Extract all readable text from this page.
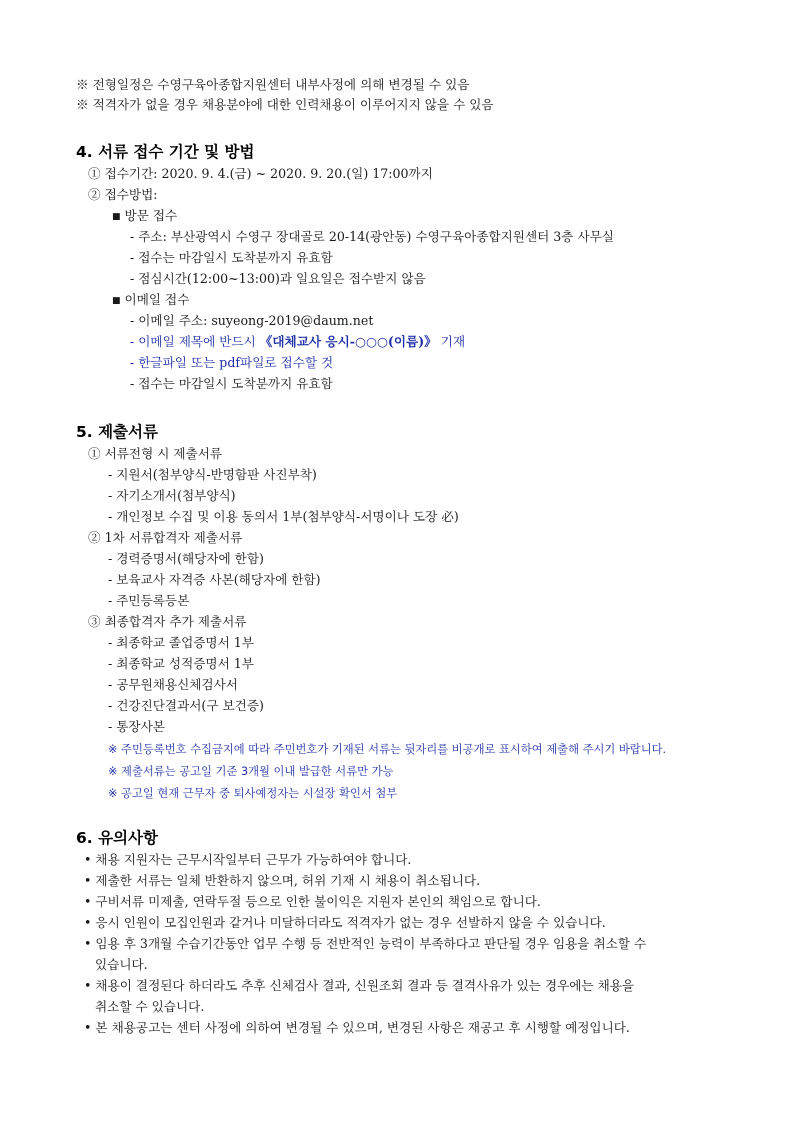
※ 전형일정은 수영구육아종합지원센터 내부사정에 의해 변경될 수 있음
※ 적격자가 없을 경우 채용분야에 대한 인력채용이 이루어지지 않을 수 있음
4. 서류 접수 기간 및 방법
① 접수기간: 2020. 9. 4.(금) ~ 2020. 9. 20.(일) 17:00까지
② 접수방법:
■ 방문 접수
- 주소: 부산광역시 수영구 장대골로 20-14(광안동) 수영구육아종합지원센터 3층 사무실
- 접수는 마감일시 도착분까지 유효함
- 점심시간(12:00~13:00)과 일요일은 접수받지 않음
■ 이메일 접수
- 이메일 주소: suyeong-2019@daum.net
- 이메일 제목에 반드시 《대체교사 응시-○○○(이름)》 기재
- 한글파일 또는 pdf파일로 접수할 것
- 접수는 마감일시 도착분까지 유효함
5. 제출서류
① 서류전형 시 제출서류
- 지원서(첨부양식-반명함판 사진부착)
- 자기소개서(첨부양식)
- 개인정보 수집 및 이용 동의서 1부(첨부양식-서명이나 도장 必)
② 1차 서류합격자 제출서류
- 경력증명서(해당자에 한함)
- 보육교사 자격증 사본(해당자에 한함)
- 주민등록등본
③ 최종합격자 추가 제출서류
- 최종학교 졸업증명서 1부
- 최종학교 성적증명서 1부
- 공무원채용신체검사서
- 건강진단결과서(구 보건증)
- 통장사본
※ 주민등록번호 수집금지에 따라 주민번호가 기재된 서류는 뒷자리를 비공개로 표시하여 제출해 주시기 바랍니다.
※ 제출서류는 공고일 기준 3개월 이내 발급한 서류만 가능
※ 공고일 현재 근무자 중 퇴사예정자는 시설장 확인서 첨부
6. 유의사항
• 채용 지원자는 근무시작일부터 근무가 가능하여야 합니다.
• 제출한 서류는 일체 반환하지 않으며, 허위 기재 시 채용이 취소됩니다.
• 구비서류 미제출, 연락두절 등으로 인한 불이익은 지원자 본인의 책임으로 합니다.
• 응시 인원이 모집인원과 같거나 미달하더라도 적격자가 없는 경우 선발하지 않을 수 있습니다.
• 임용 후 3개월 수습기간동안 업무 수행 등 전반적인 능력이 부족하다고 판단될 경우 임용을 취소할 수
있습니다.
• 채용이 결정된다 하더라도 추후 신체검사 결과, 신원조회 결과 등 결격사유가 있는 경우에는 채용을
취소할 수 있습니다.
• 본 채용공고는 센터 사정에 의하여 변경될 수 있으며, 변경된 사항은 재공고 후 시행할 예정입니다.
